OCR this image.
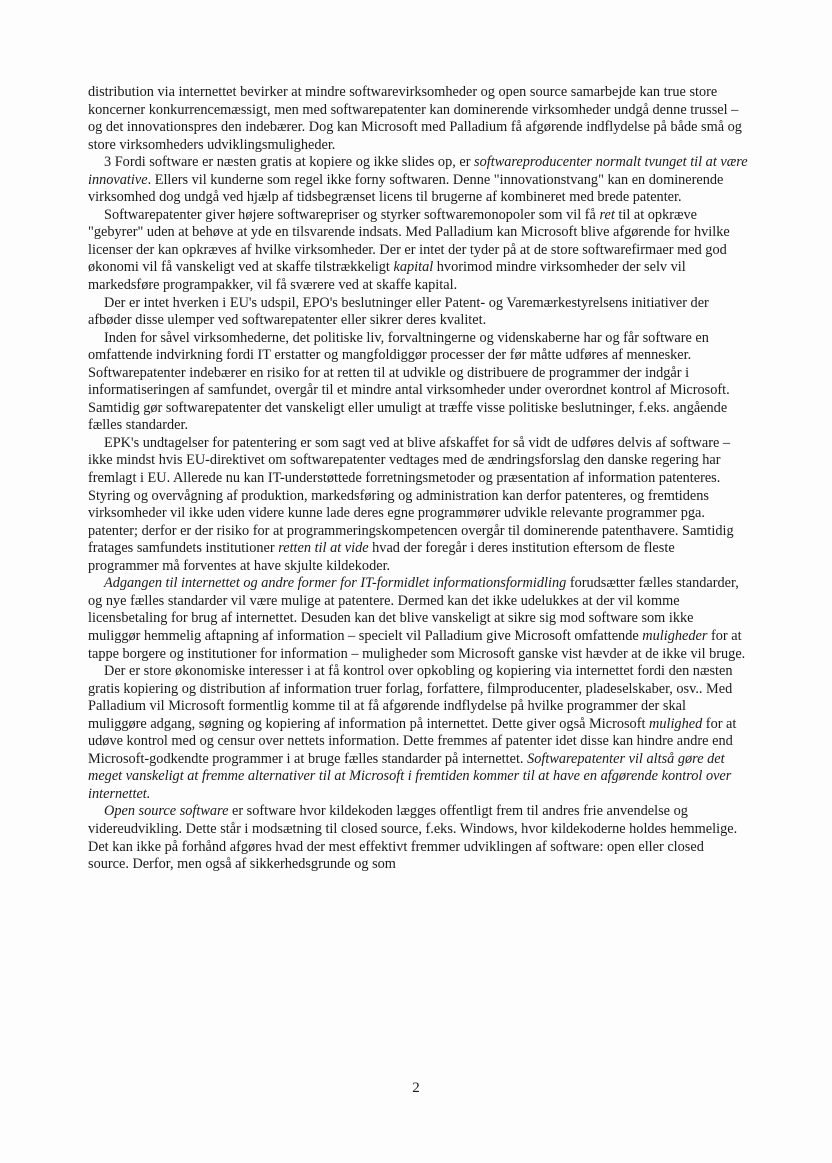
distribution via internettet bevirker at mindre softwarevirksomheder og open source samarbejde kan true store koncerner konkurrencemæssigt, men med softwarepatenter kan dominerende virksomheder undgå denne trussel – og det innovationspres den indebærer. Dog kan Microsoft med Palladium få afgørende indflydelse på både små og store virksomheders udviklingsmuligheder.

3 Fordi software er næsten gratis at kopiere og ikke slides op, er softwareproducenter normalt tvunget til at være innovative. Ellers vil kunderne som regel ikke forny softwaren. Denne "innovationstvang" kan en dominerende virksomhed dog undgå ved hjælp af tidsbegrænset licens til brugerne af kombineret med brede patenter.

Softwarepatenter giver højere softwarepriser og styrker softwaremonopoler som vil få ret til at opkræve "gebyrer" uden at behøve at yde en tilsvarende indsats. Med Palladium kan Microsoft blive afgørende for hvilke licenser der kan opkræves af hvilke virksomheder. Der er intet der tyder på at de store softwarefirmaer med god økonomi vil få vanskeligt ved at skaffe tilstrækkeligt kapital hvorimod mindre virksomheder der selv vil markedsføre programpakker, vil få sværere ved at skaffe kapital.

Der er intet hverken i EU's udspil, EPO's beslutninger eller Patent- og Varemærkestyrelsens initiativer der afbøder disse ulemper ved softwarepatenter eller sikrer deres kvalitet.

Inden for såvel virksomhederne, det politiske liv, forvaltningerne og videnskaberne har og får software en omfattende indvirkning fordi IT erstatter og mangfoldiggør processer der før måtte udføres af mennesker. Softwarepatenter indebærer en risiko for at retten til at udvikle og distribuere de programmer der indgår i informatiseringen af samfundet, overgår til et mindre antal virksomheder under overordnet kontrol af Microsoft. Samtidig gør softwarepatenter det vanskeligt eller umuligt at træffe visse politiske beslutninger, f.eks. angående fælles standarder.

EPK's undtagelser for patentering er som sagt ved at blive afskaffet for så vidt de udføres delvis af software – ikke mindst hvis EU-direktivet om softwarepatenter vedtages med de ændringsforslag den danske regering har fremlagt i EU. Allerede nu kan IT-understøttede forretningsmetoder og præsentation af information patenteres. Styring og overvågning af produktion, markedsføring og administration kan derfor patenteres, og fremtidens virksomheder vil ikke uden videre kunne lade deres egne programmører udvikle relevante programmer pga. patenter; derfor er der risiko for at programmeringskompetencen overgår til dominerende patenthavere. Samtidig fratages samfundets institutioner retten til at vide hvad der foregår i deres institution eftersom de fleste programmer må forventes at have skjulte kildekoder.

Adgangen til internettet og andre former for IT-formidlet informationsformidling forudsætter fælles standarder, og nye fælles standarder vil være mulige at patentere. Dermed kan det ikke udelukkes at der vil komme licensbetaling for brug af internettet. Desuden kan det blive vanskeligt at sikre sig mod software som ikke muliggør hemmelig aftapning af information – specielt vil Palladium give Microsoft omfattende muligheder for at tappe borgere og institutioner for information – muligheder som Microsoft ganske vist hævder at de ikke vil bruge.

Der er store økonomiske interesser i at få kontrol over opkobling og kopiering via internettet fordi den næsten gratis kopiering og distribution af information truer forlag, forfattere, filmproducenter, pladeselskaber, osv.. Med Palladium vil Microsoft formentlig komme til at få afgørende indflydelse på hvilke programmer der skal muliggøre adgang, søgning og kopiering af information på internettet. Dette giver også Microsoft mulighed for at udøve kontrol med og censur over nettets information. Dette fremmes af patenter idet disse kan hindre andre end Microsoft-godkendte programmer i at bruge fælles standarder på internettet. Softwarepatenter vil altså gøre det meget vanskeligt at fremme alternativer til at Microsoft i fremtiden kommer til at have en afgørende kontrol over internettet.

Open source software er software hvor kildekoden lægges offentligt frem til andres frie anvendelse og videreudvikling. Dette står i modsætning til closed source, f.eks. Windows, hvor kildekoderne holdes hemmelige. Det kan ikke på forhånd afgøres hvad der mest effektivt fremmer udviklingen af software: open eller closed source. Derfor, men også af sikkerhedsgrunde og som

2
